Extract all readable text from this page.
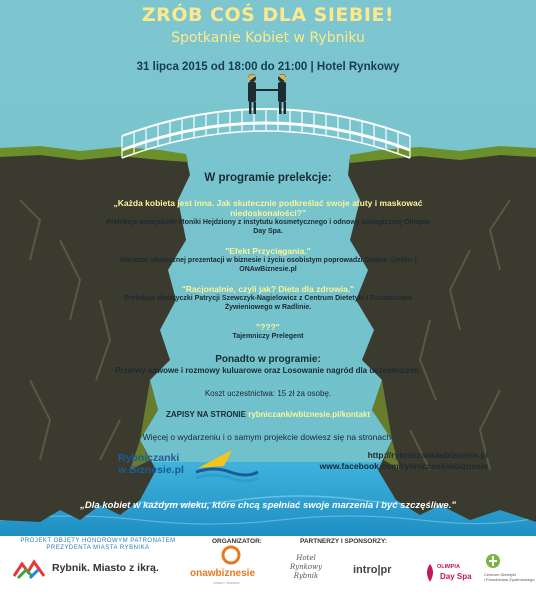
ZRÓB COŚ DLA SIEBIE!
Spotkanie Kobiet w Rybniku
31 lipca 2015 od 18:00 do 21:00 | Hotel Rynkowy
W programie prelekcje:
„Każda kobieta jest inna. Jak skutecznie podkreślać swoje atuty i maskować niedoskonałości?"
Prelekcja specjalistki Moniki Hejdziony z instytutu kosmetycznego i odnowy biologicznej Olimpia Day Spa.
"Efekt Przyciągania."
Warsztat skutecznej prezentacji w biznesie i życiu osobistym poprowadzi Sabina Cieślar | ONAwBiznesie.pl
"Racjonalnie, czyli jak? Dieta dla zdrowia."
Prelekcja dietetyczki Patrycji Szewczyk-Nagielowicz z Centrum Dietetyki i Poradnictwa Żywieniowego w Radlinie.
"???"
Tajemniczy Prelegent
Ponadto w programie:
Przerwy kawowe i rozmowy kuluarowe oraz Losowanie nagród dla uczestniczek.
Koszt uczestnictwa: 15 zł za osobę.
ZAPISY NA STRONIE rybniczankiwbiznesie.pl/kontakt
Więcej o wydarzeniu i o samym projekcie dowiesz się na stronach:
Rybniczanki
w Biznesie.pl
http://rybniczankiwbiznesie.pl
www.facebook.com/rybniczankiwbiznesie
„Dla kobiet w każdym wieku, które chcą spełniać swoje marzenia i być szczęśliwe."
PROJEKT OBJĘTY HONOROWYM PATRONATEM
PREZYDENTA MIASTA RYBNIKA
ORGANIZATOR:	PARTNERZY I SPONSORZY:
Rybnik. Miasto z ikrą.	onawbiznesie
KOBIETY BIZNESU
Hotel Rynkowy
Rybnik	intro|pr	OLIMPIA
Day Spa	Centrum Dietetyki
i Poradnictwa Żywieniowego
